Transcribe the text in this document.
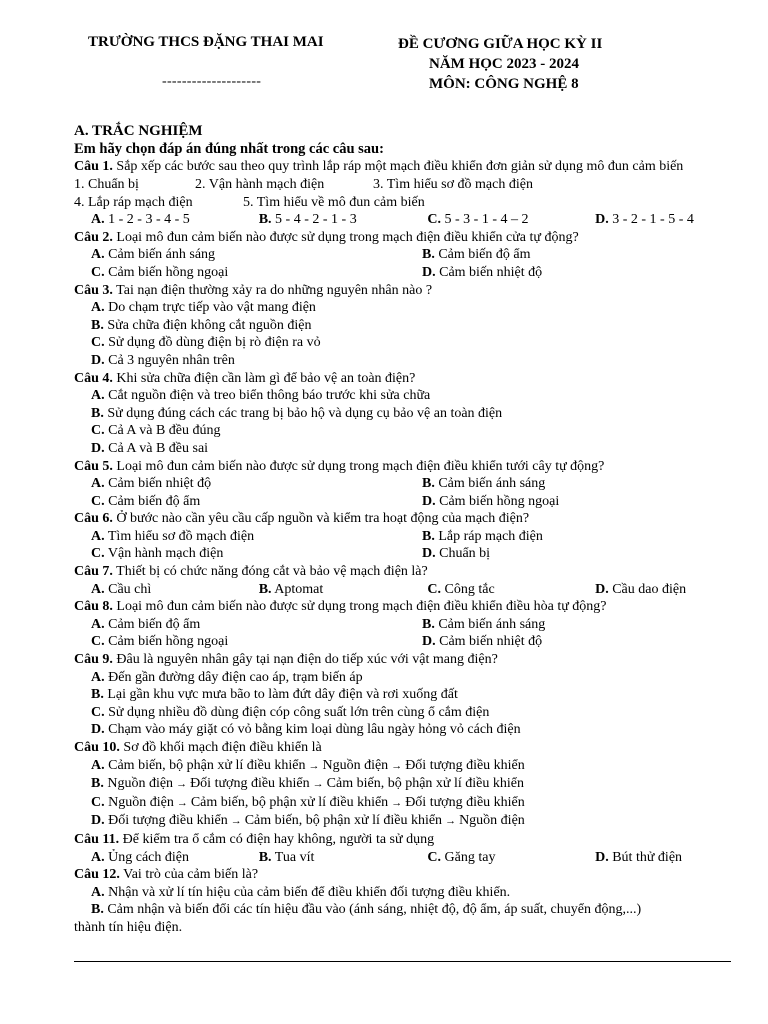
TRƯỜNG THCS ĐẶNG THAI MAI
--------------------
ĐỀ CƯƠNG GIỮA HỌC KỲ II
NĂM HỌC 2023 - 2024
MÔN: CÔNG NGHỆ 8
A. TRẮC NGHIỆM
Em hãy chọn đáp án đúng nhất trong các câu sau:
Câu 1. Sắp xếp các bước sau theo quy trình lắp ráp một mạch điều khiển đơn giản sử dụng mô đun cảm biến
1. Chuẩn bị	2. Vận hành mạch điện	3. Tìm hiểu sơ đồ mạch điện
4. Lắp ráp mạch điện	5. Tìm hiểu về mô đun cảm biến
A. 1 - 2 - 3 - 4 - 5	B. 5 - 4 - 2 - 1 - 3	C. 5 - 3 - 1 - 4 – 2	D. 3 - 2 - 1 - 5 - 4
Câu 2. Loại mô đun cảm biến nào được sử dụng trong mạch điện điều khiển cửa tự động?
A. Cảm biến ánh sáng	B. Cảm biến độ ẩm
C. Cảm biến hồng ngoại	D. Cảm biến nhiệt độ
Câu 3. Tai nạn điện thường xảy ra do những nguyên nhân nào ?
A. Do chạm trực tiếp vào vật mang điện
B. Sửa chữa điện không cắt nguồn điện
C. Sử dụng đồ dùng điện bị rò điện ra vỏ
D. Cả 3 nguyên nhân trên
Câu 4. Khi sửa chữa điện cần làm gì để bảo vệ an toàn điện?
A. Cắt nguồn điện và treo biển thông báo trước khi sửa chữa
B. Sử dụng đúng cách các trang bị bảo hộ và dụng cụ bảo vệ an toàn điện
C. Cả A và B đều đúng
D. Cả A và B đều sai
Câu 5. Loại mô đun cảm biến nào được sử dụng trong mạch điện điều khiển tưới cây tự động?
A. Cảm biến nhiệt độ	B. Cảm biến ánh sáng
C. Cảm biến độ ẩm	D. Cảm biến hồng ngoại
Câu 6. Ở bước nào cần yêu cầu cấp nguồn và kiểm tra hoạt động của mạch điện?
A. Tìm hiểu sơ đồ mạch điện	B. Lắp ráp mạch điện
C. Vận hành mạch điện	D. Chuẩn bị
Câu 7. Thiết bị có chức năng đóng cắt và bảo vệ mạch điện là?
A. Cầu chì	B. Aptomat	C. Công tắc	D. Cầu dao điện
Câu 8. Loại mô đun cảm biến nào được sử dụng trong mạch điện điều khiển điều hòa tự động?
A. Cảm biến độ ẩm	B. Cảm biến ánh sáng
C. Cảm biến hồng ngoại	D. Cảm biến nhiệt độ
Câu 9. Đâu là nguyên nhân gây tại nạn điện do tiếp xúc với vật mang điện?
A. Đến gần đường dây điện cao áp, trạm biến áp
B. Lại gần khu vực mưa bão to làm đứt dây điện và rơi xuống đất
C. Sử dụng nhiều đồ dùng điện cóp công suất lớn trên cùng ổ cắm điện
D. Chạm vào máy giặt có vỏ bằng kim loại dùng lâu ngày hỏng vỏ cách điện
Câu 10. Sơ đồ khối mạch điện điều khiển là
A. Cảm biến, bộ phận xử lí điều khiển → Nguồn điện → Đối tượng điều khiển
B. Nguồn điện → Đối tượng điều khiển → Cảm biến, bộ phận xử lí điều khiển
C. Nguồn điện → Cảm biến, bộ phận xử lí điều khiển → Đối tượng điều khiển
D. Đối tượng điều khiển → Cảm biến, bộ phận xử lí điều khiển → Nguồn điện
Câu 11. Để kiểm tra ổ cắm có điện hay không, người ta sử dụng
A. Ủng cách điện	B. Tua vít	C. Găng tay	D. Bút thử điện
Câu 12. Vai trò của cảm biến là?
A. Nhận và xử lí tín hiệu của cảm biến để điều khiển đối tượng điều khiển.
B. Cảm nhận và biến đổi các tín hiệu đầu vào (ánh sáng, nhiệt độ, độ ẩm, áp suất, chuyển động,...)
thành tín hiệu điện.
